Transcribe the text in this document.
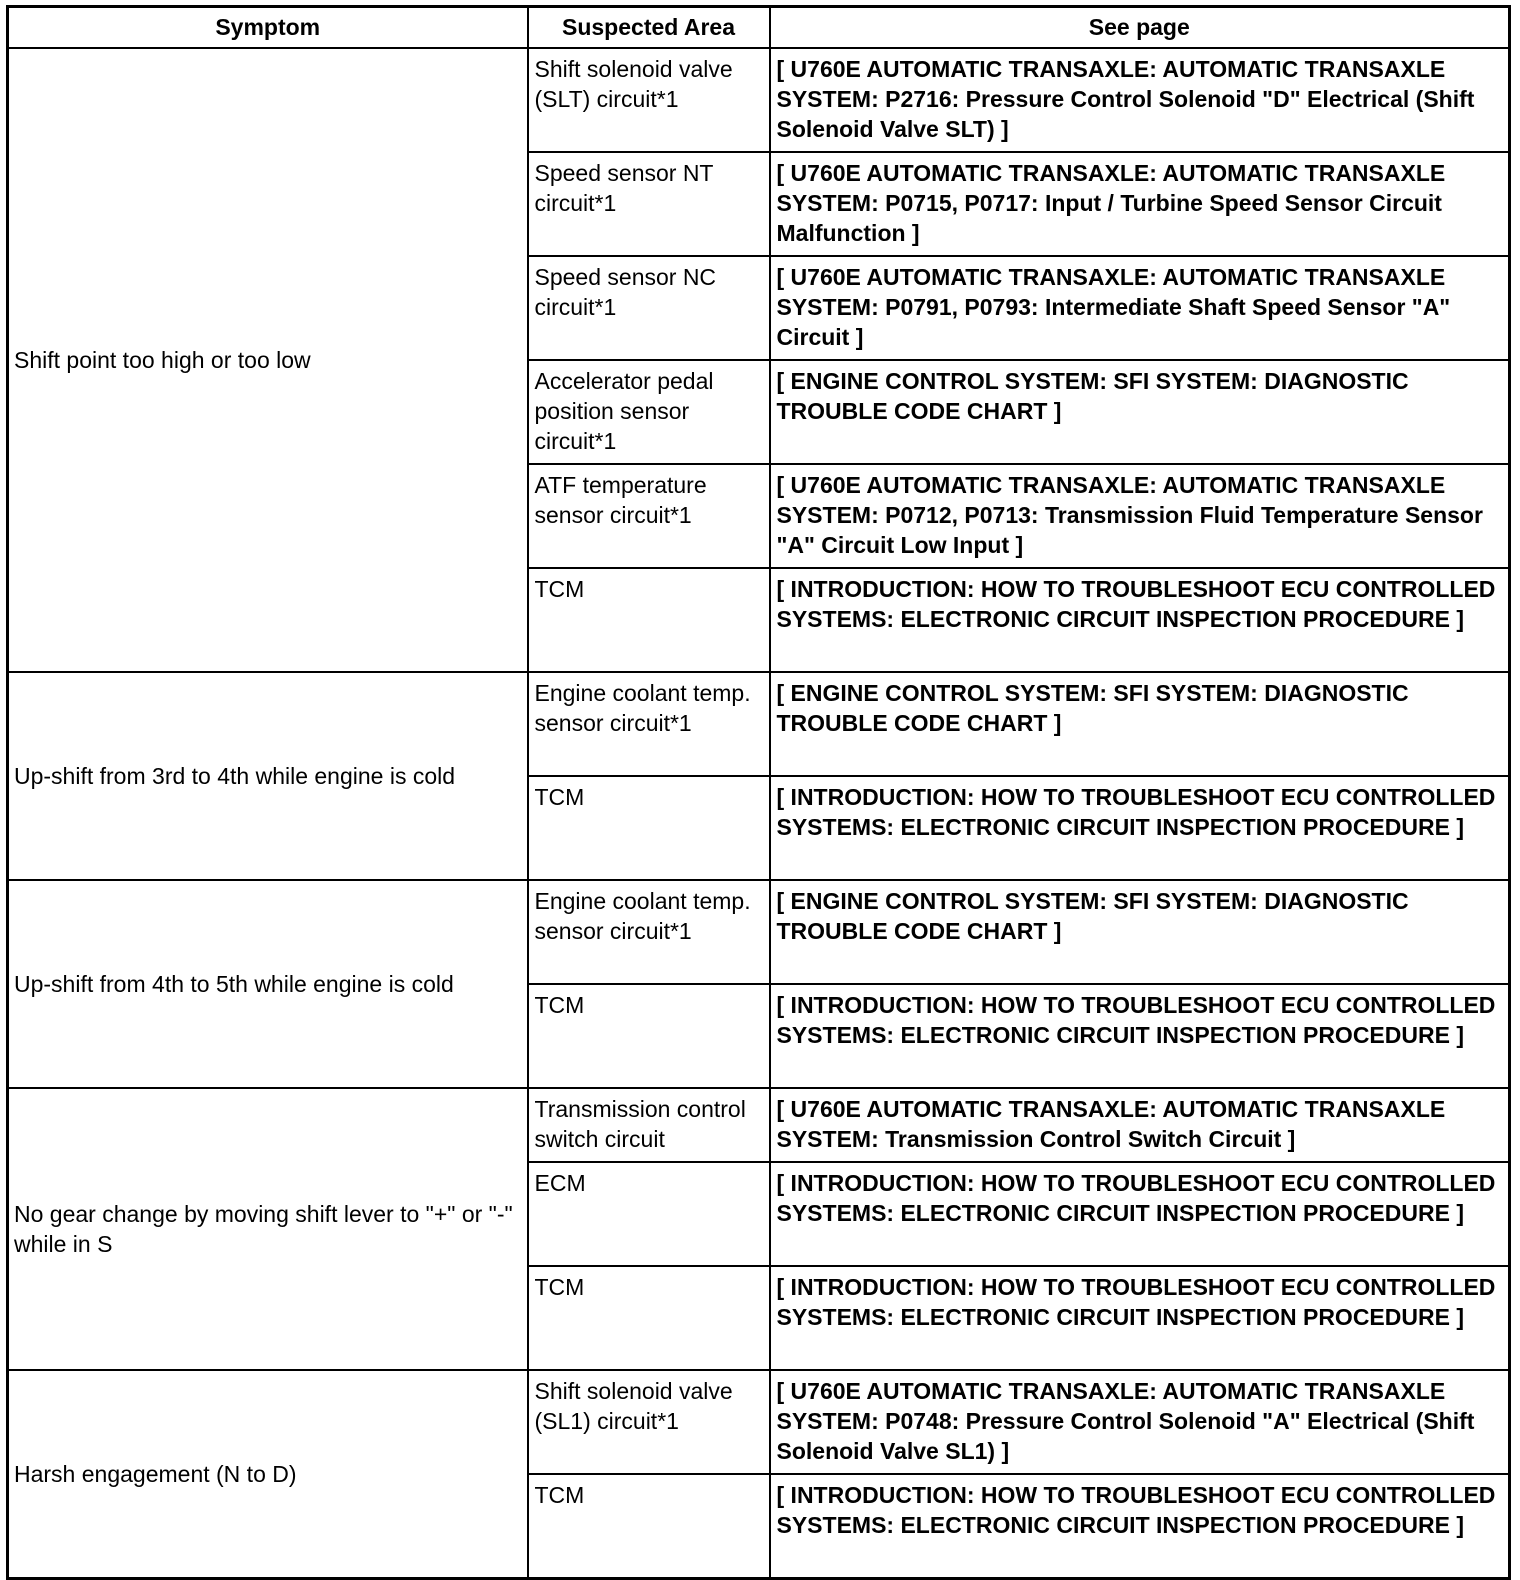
Symptom	Suspected Area	See page
Shift point too high or too low	Shift solenoid valve (SLT) circuit*1	[ U760E AUTOMATIC TRANSAXLE: AUTOMATIC TRANSAXLE SYSTEM: P2716: Pressure Control Solenoid "D" Electrical (Shift Solenoid Valve SLT) ]
	Speed sensor NT circuit*1	[ U760E AUTOMATIC TRANSAXLE: AUTOMATIC TRANSAXLE SYSTEM: P0715, P0717: Input / Turbine Speed Sensor Circuit Malfunction ]
	Speed sensor NC circuit*1	[ U760E AUTOMATIC TRANSAXLE: AUTOMATIC TRANSAXLE SYSTEM: P0791, P0793: Intermediate Shaft Speed Sensor "A" Circuit ]
	Accelerator pedal position sensor circuit*1	[ ENGINE CONTROL SYSTEM: SFI SYSTEM: DIAGNOSTIC TROUBLE CODE CHART ]
	ATF temperature sensor circuit*1	[ U760E AUTOMATIC TRANSAXLE: AUTOMATIC TRANSAXLE SYSTEM: P0712, P0713: Transmission Fluid Temperature Sensor "A" Circuit Low Input ]
	TCM	[ INTRODUCTION: HOW TO TROUBLESHOOT ECU CONTROLLED SYSTEMS: ELECTRONIC CIRCUIT INSPECTION PROCEDURE ]
Up-shift from 3rd to 4th while engine is cold	Engine coolant temp. sensor circuit*1	[ ENGINE CONTROL SYSTEM: SFI SYSTEM: DIAGNOSTIC TROUBLE CODE CHART ]
	TCM	[ INTRODUCTION: HOW TO TROUBLESHOOT ECU CONTROLLED SYSTEMS: ELECTRONIC CIRCUIT INSPECTION PROCEDURE ]
Up-shift from 4th to 5th while engine is cold	Engine coolant temp. sensor circuit*1	[ ENGINE CONTROL SYSTEM: SFI SYSTEM: DIAGNOSTIC TROUBLE CODE CHART ]
	TCM	[ INTRODUCTION: HOW TO TROUBLESHOOT ECU CONTROLLED SYSTEMS: ELECTRONIC CIRCUIT INSPECTION PROCEDURE ]
No gear change by moving shift lever to "+" or "-" while in S	Transmission control switch circuit	[ U760E AUTOMATIC TRANSAXLE: AUTOMATIC TRANSAXLE SYSTEM: Transmission Control Switch Circuit ]
	ECM	[ INTRODUCTION: HOW TO TROUBLESHOOT ECU CONTROLLED SYSTEMS: ELECTRONIC CIRCUIT INSPECTION PROCEDURE ]
	TCM	[ INTRODUCTION: HOW TO TROUBLESHOOT ECU CONTROLLED SYSTEMS: ELECTRONIC CIRCUIT INSPECTION PROCEDURE ]
Harsh engagement (N to D)	Shift solenoid valve (SL1) circuit*1	[ U760E AUTOMATIC TRANSAXLE: AUTOMATIC TRANSAXLE SYSTEM: P0748: Pressure Control Solenoid "A" Electrical (Shift Solenoid Valve SL1) ]
	TCM	[ INTRODUCTION: HOW TO TROUBLESHOOT ECU CONTROLLED SYSTEMS: ELECTRONIC CIRCUIT INSPECTION PROCEDURE ]
